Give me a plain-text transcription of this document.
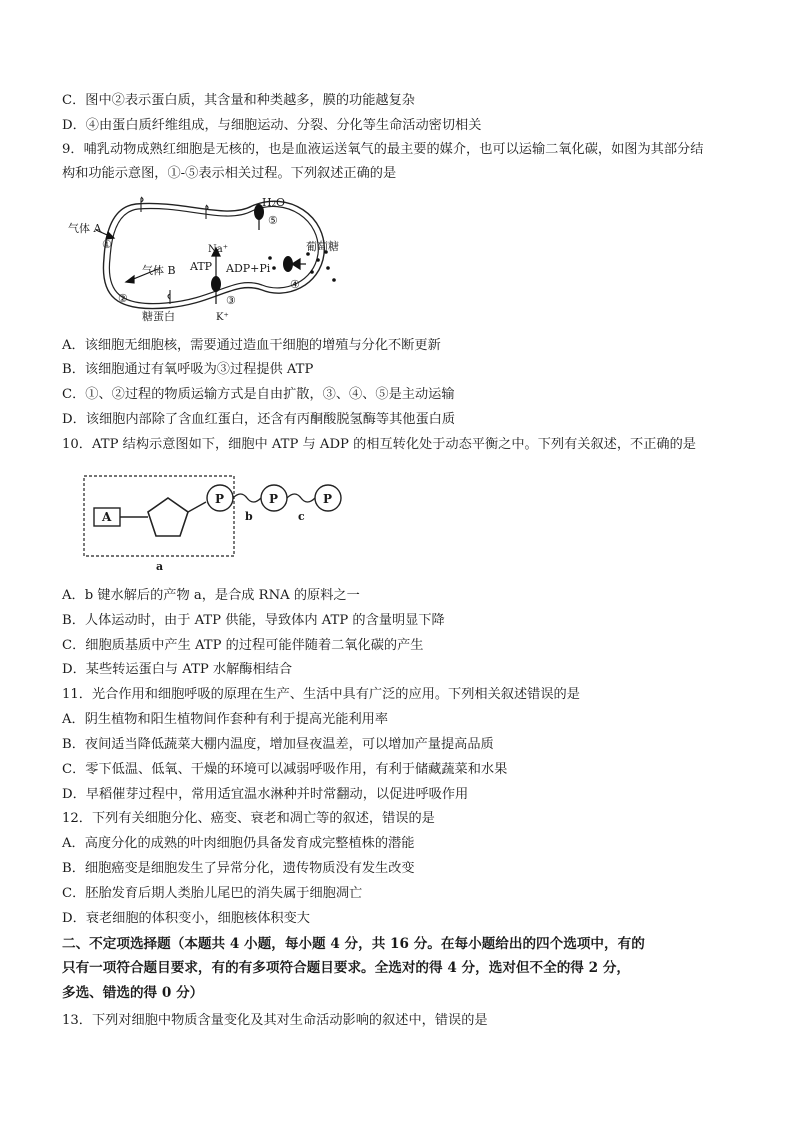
C．图中②表示蛋白质，其含量和种类越多，膜的功能越复杂
D．④由蛋白质纤维组成，与细胞运动、分裂、分化等生命活动密切相关
9．哺乳动物成熟红细胞是无核的，也是血液运送氧气的最主要的媒介，也可以运输二氧化碳，如图为其部分结
构和功能示意图，①-⑤表示相关过程。下列叙述正确的是
气体 A
①
气体 B
②
糖蛋白
H₂O
⑤
葡萄糖
④
Na⁺
ATP ADP+Pi
③
K⁺
A．该细胞无细胞核，需要通过造血干细胞的增殖与分化不断更新
B．该细胞通过有氧呼吸为③过程提供 ATP
C．①、②过程的物质运输方式是自由扩散，③、④、⑤是主动运输
D．该细胞内部除了含血红蛋白，还含有丙酮酸脱氢酶等其他蛋白质
10．ATP 结构示意图如下，细胞中 ATP 与 ADP 的相互转化处于动态平衡之中。下列有关叙述，不正确的是
A
P	P	P
b	c
a
A．b 键水解后的产物 a，是合成 RNA 的原料之一
B．人体运动时，由于 ATP 供能，导致体内 ATP 的含量明显下降
C．细胞质基质中产生 ATP 的过程可能伴随着二氧化碳的产生
D．某些转运蛋白与 ATP 水解酶相结合
11．光合作用和细胞呼吸的原理在生产、生活中具有广泛的应用。下列相关叙述错误的是
A．阴生植物和阳生植物间作套种有利于提高光能利用率
B．夜间适当降低蔬菜大棚内温度，增加昼夜温差，可以增加产量提高品质
C．零下低温、低氧、干燥的环境可以减弱呼吸作用，有利于储藏蔬菜和水果
D．早稻催芽过程中，常用适宜温水淋种并时常翻动，以促进呼吸作用
12．下列有关细胞分化、癌变、衰老和凋亡等的叙述，错误的是
A．高度分化的成熟的叶肉细胞仍具备发育成完整植株的潜能
B．细胞癌变是细胞发生了异常分化，遗传物质没有发生改变
C．胚胎发育后期人类胎儿尾巴的消失属于细胞凋亡
D．衰老细胞的体积变小，细胞核体积变大
二、不定项选择题（本题共 4 小题，每小题 4 分，共 16 分。在每小题给出的四个选项中，有的
只有一项符合题目要求，有的有多项符合题目要求。全选对的得 4 分，选对但不全的得 2 分，
多选、错选的得 0 分）
13．下列对细胞中物质含量变化及其对生命活动影响的叙述中，错误的是
